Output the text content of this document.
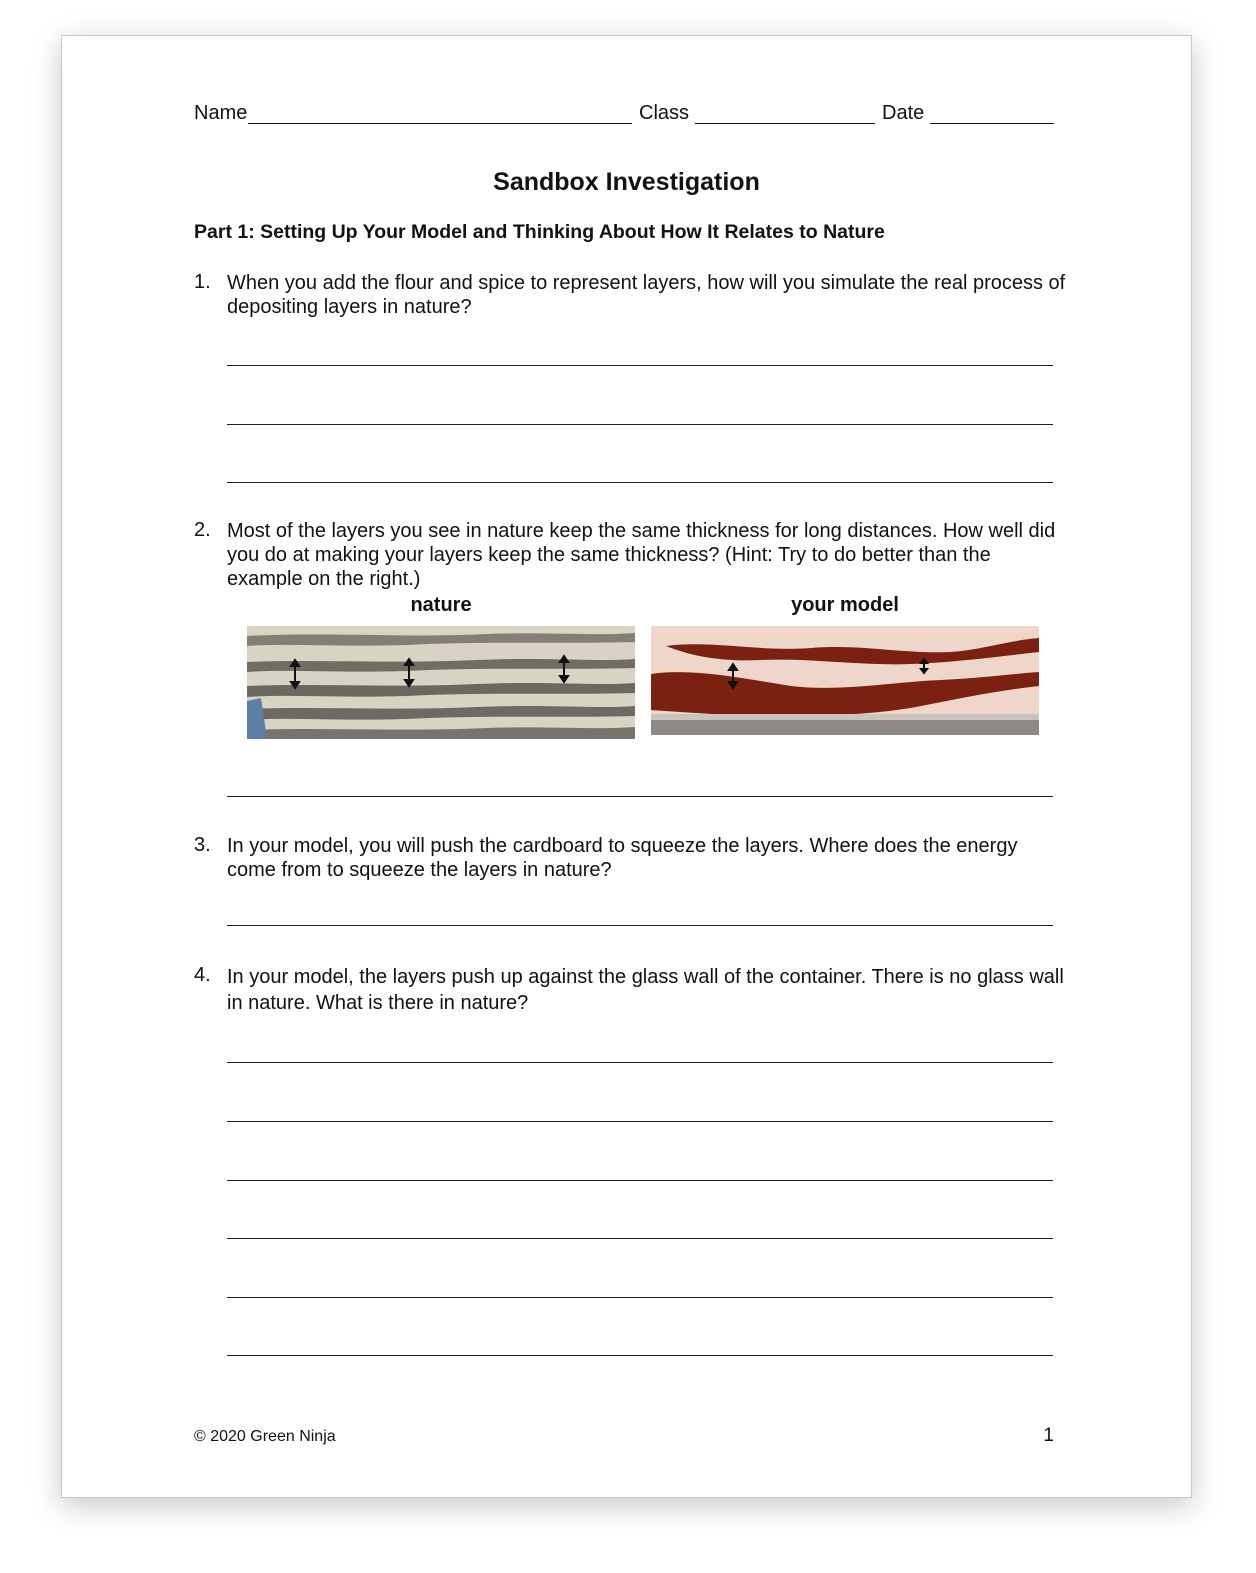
Name	Class	Date
Sandbox Investigation
Part 1: Setting Up Your Model and Thinking About How It Relates to Nature
1. When you add the flour and spice to represent layers, how will you simulate the real process of depositing layers in nature?
2. Most of the layers you see in nature keep the same thickness for long distances. How well did you do at making your layers keep the same thickness? (Hint: Try to do better than the example on the right.)
nature	your model
3. In your model, you will push the cardboard to squeeze the layers. Where does the energy come from to squeeze the layers in nature?
4. In your model, the layers push up against the glass wall of the container. There is no glass wall in nature. What is there in nature?
© 2020 Green Ninja	1
